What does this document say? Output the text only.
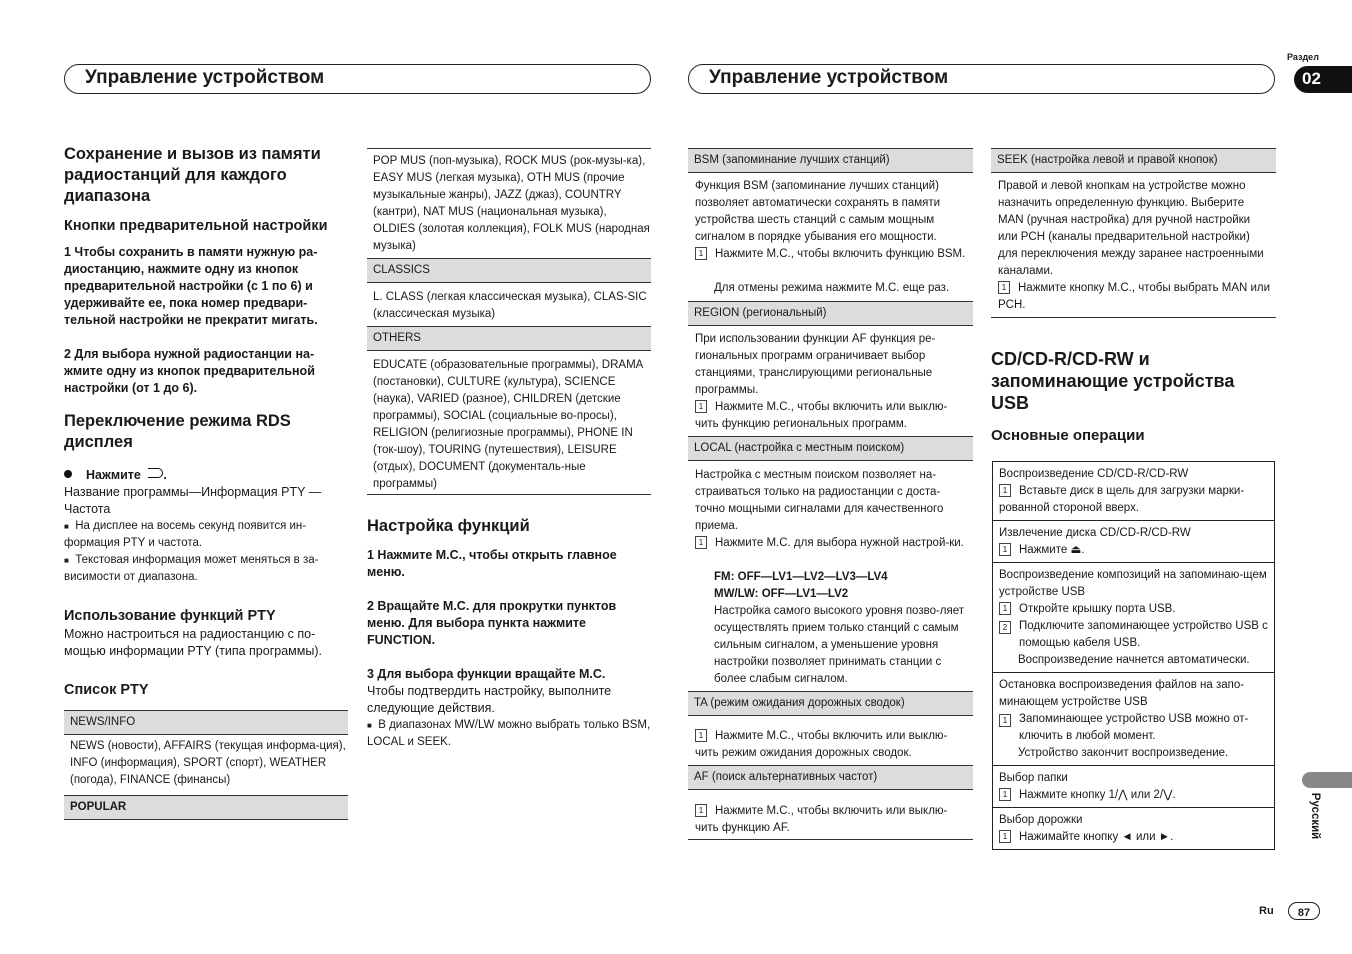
Управление устройством	Управление устройством
Раздел
02
Сохранение и вызов из памяти радиостанций для каждого диапазона
Кнопки предварительной настройки
1 Чтобы сохранить в памяти нужную ра-диостанцию, нажмите одну из кнопок предварительной настройки (с 1 по 6) и удерживайте ее, пока номер предвари-тельной настройки не прекратит мигать.
2 Для выбора нужной радиостанции на-жмите одну из кнопок предварительной настройки (от 1 до 6).
Переключение режима RDS дисплея
Нажмите .
Название программы—Информация PTY —Частота
■ На дисплее на восемь секунд появится ин-формация PTY и частота.
■ Текстовая информация может меняться в за-висимости от диапазона.
Использование функций PTY
Можно настроиться на радиостанцию с по-мощью информации PTY (типа программы).
Список PTY
NEWS/INFO
NEWS (новости), AFFAIRS (текущая информа-ция), INFO (информация), SPORT (спорт), WEATHER (погода), FINANCE (финансы)
POPULAR
POP MUS (поп-музыка), ROCK MUS (рок-музы-ка), EASY MUS (легкая музыка), OTH MUS (прочие музыкальные жанры), JAZZ (джаз), COUNTRY (кантри), NAT MUS (национальная музыка), OLDIES (золотая коллекция), FOLK MUS (народная музыка)
CLASSICS
L. CLASS (легкая классическая музыка), CLAS-SIC (классическая музыка)
OTHERS
EDUCATE (образовательные программы), DRAMA (постановки), CULTURE (культура), SCIENCE (наука), VARIED (разное), CHILDREN (детские программы), SOCIAL (социальные во-просы), RELIGION (религиозные программы), PHONE IN (ток-шоу), TOURING (путешествия), LEISURE (отдых), DOCUMENT (документаль-ные программы)
Настройка функций
1 Нажмите M.C., чтобы открыть главное меню.
2 Вращайте M.C. для прокрутки пунктов меню. Для выбора пункта нажмите FUNCTION.
3 Для выбора функции вращайте M.C.
Чтобы подтвердить настройку, выполните следующие действия.
■ В диапазонах MW/LW можно выбрать только BSM, LOCAL и SEEK.
BSM (запоминание лучших станций)
Функция BSM (запоминание лучших станций) позволяет автоматически сохранять в памяти устройства шесть станций с самым мощным сигналом в порядке убывания его мощности.
1 Нажмите M.C., чтобы включить функцию BSM.
Для отмены режима нажмите M.C. еще раз.
REGION (региональный)
При использовании функции AF функция ре-гиональных программ ограничивает выбор станциями, транслирующими региональные программы.
1 Нажмите M.C., чтобы включить или выклю-чить функцию региональных программ.
LOCAL (настройка с местным поиском)
Настройка с местным поиском позволяет на-страиваться только на радиостанции с доста-точно мощными сигналами для качественного приема.
1 Нажмите M.C. для выбора нужной настрой-ки.
FM: OFF—LV1—LV2—LV3—LV4
MW/LW: OFF—LV1—LV2
Настройка самого высокого уровня позво-ляет осуществлять прием только станций с самым сильным сигналом, а уменьшение уровня настройки позволяет принимать станции с более слабым сигналом.
TA (режим ожидания дорожных сводок)
1 Нажмите M.C., чтобы включить или выклю-чить режим ожидания дорожных сводок.
AF (поиск альтернативных частот)
1 Нажмите M.C., чтобы включить или выклю-чить функцию AF.
SEEK (настройка левой и правой кнопок)
Правой и левой кнопкам на устройстве можно назначить определенную функцию. Выберите MAN (ручная настройка) для ручной настройки или PCH (каналы предварительной настройки) для переключения между заранее настроенными каналами.
1 Нажмите кнопку M.C., чтобы выбрать MAN или PCH.
CD/CD-R/CD-RW и запоминающие устройства USB
Основные операции
Воспроизведение CD/CD-R/CD-RW
1 Вставьте диск в щель для загрузки марки-рованной стороной вверх.
Извлечение диска CD/CD-R/CD-RW
1 Нажмите ⏏.
Воспроизведение композиций на запоминаю-щем устройстве USB
1 Откройте крышку порта USB.
2	Подключите запоминающее устройство USB с помощью кабеля USB.
Воспроизведение начнется автоматически.
Остановка воспроизведения файлов на запо-минающем устройстве USB
1	Запоминающее устройство USB можно от-ключить в любой момент.
Устройство закончит воспроизведение.
Выбор папки
1 Нажмите кнопку 1/⋀ или 2/⋁.
Выбор дорожки
1 Нажимайте кнопку ◄ или ►.	Русский
Ru	87
